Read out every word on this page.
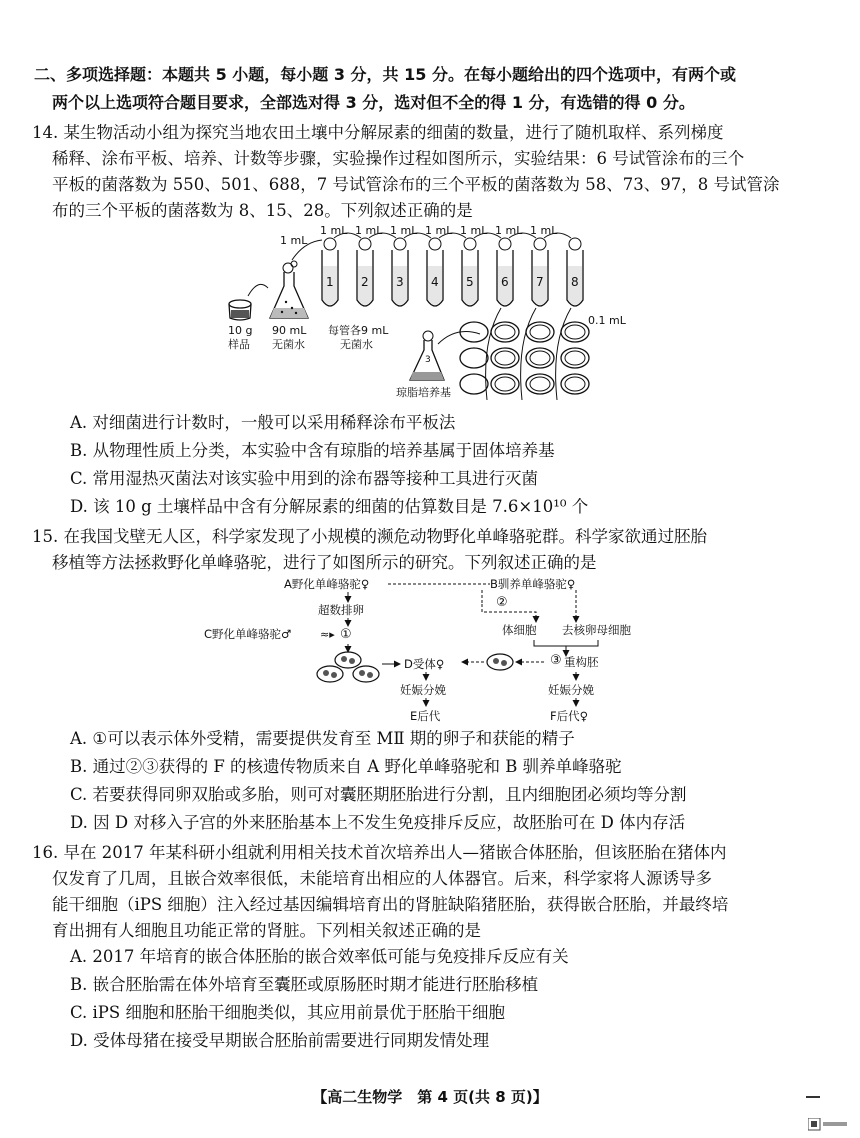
二、多项选择题：本题共 5 小题，每小题 3 分，共 15 分。在每小题给出的四个选项中，有两个或
两个以上选项符合题目要求，全部选对得 3 分，选对但不全的得 1 分，有选错的得 0 分。
14. 某生物活动小组为探究当地农田土壤中分解尿素的细菌的数量，进行了随机取样、系列梯度
稀释、涂布平板、培养、计数等步骤，实验操作过程如图所示，实验结果：6 号试管涂布的三个
平板的菌落数为 550、501、688，7 号试管涂布的三个平板的菌落数为 58、73、97，8 号试管涂
布的三个平板的菌落数为 8、15、28。下列叙述正确的是
10 g
样品
90 mL
无菌水
1 mL
1
1 mL
2
1 mL
3
1 mL
4
1 mL
5
1 mL
6
1 mL
7
1 mL
8
每管各9 mL
无菌水
3
琼脂培养基
0.1 mL
A. 对细菌进行计数时，一般可以采用稀释涂布平板法
B. 从物理性质上分类，本实验中含有琼脂的培养基属于固体培养基
C. 常用湿热灭菌法对该实验中用到的涂布器等接种工具进行灭菌
D. 该 10 g 土壤样品中含有分解尿素的细菌的估算数目是 7.6×10¹⁰ 个
15. 在我国戈壁无人区，科学家发现了小规模的濒危动物野化单峰骆驼群。科学家欲通过胚胎
移植等方法拯救野化单峰骆驼，进行了如图所示的研究。下列叙述正确的是
A野化单峰骆驼♀	B驯养单峰骆驼♀
超数排卵
C野化单峰骆驼♂	≈▸ ①
D受体♀
妊娠分娩
E后代
②
体细胞 去核卵母细胞
③ 重构胚
妊娠分娩
F后代♀
A. ①可以表示体外受精，需要提供发育至 MⅡ 期的卵子和获能的精子
B. 通过②③获得的 F 的核遗传物质来自 A 野化单峰骆驼和 B 驯养单峰骆驼
C. 若要获得同卵双胎或多胎，则可对囊胚期胚胎进行分割，且内细胞团必须均等分割
D. 因 D 对移入子宫的外来胚胎基本上不发生免疫排斥反应，故胚胎可在 D 体内存活
16. 早在 2017 年某科研小组就利用相关技术首次培养出人—猪嵌合体胚胎，但该胚胎在猪体内
仅发育了几周，且嵌合效率很低，未能培育出相应的人体器官。后来，科学家将人源诱导多
能干细胞（iPS 细胞）注入经过基因编辑培育出的肾脏缺陷猪胚胎，获得嵌合胚胎，并最终培
育出拥有人细胞且功能正常的肾脏。下列相关叙述正确的是
A. 2017 年培育的嵌合体胚胎的嵌合效率低可能与免疫排斥反应有关
B. 嵌合胚胎需在体外培育至囊胚或原肠胚时期才能进行胚胎移植
C. iPS 细胞和胚胎干细胞类似，其应用前景优于胚胎干细胞
D. 受体母猪在接受早期嵌合胚胎前需要进行同期发情处理
【高二生物学　第 4 页(共 8 页)】
